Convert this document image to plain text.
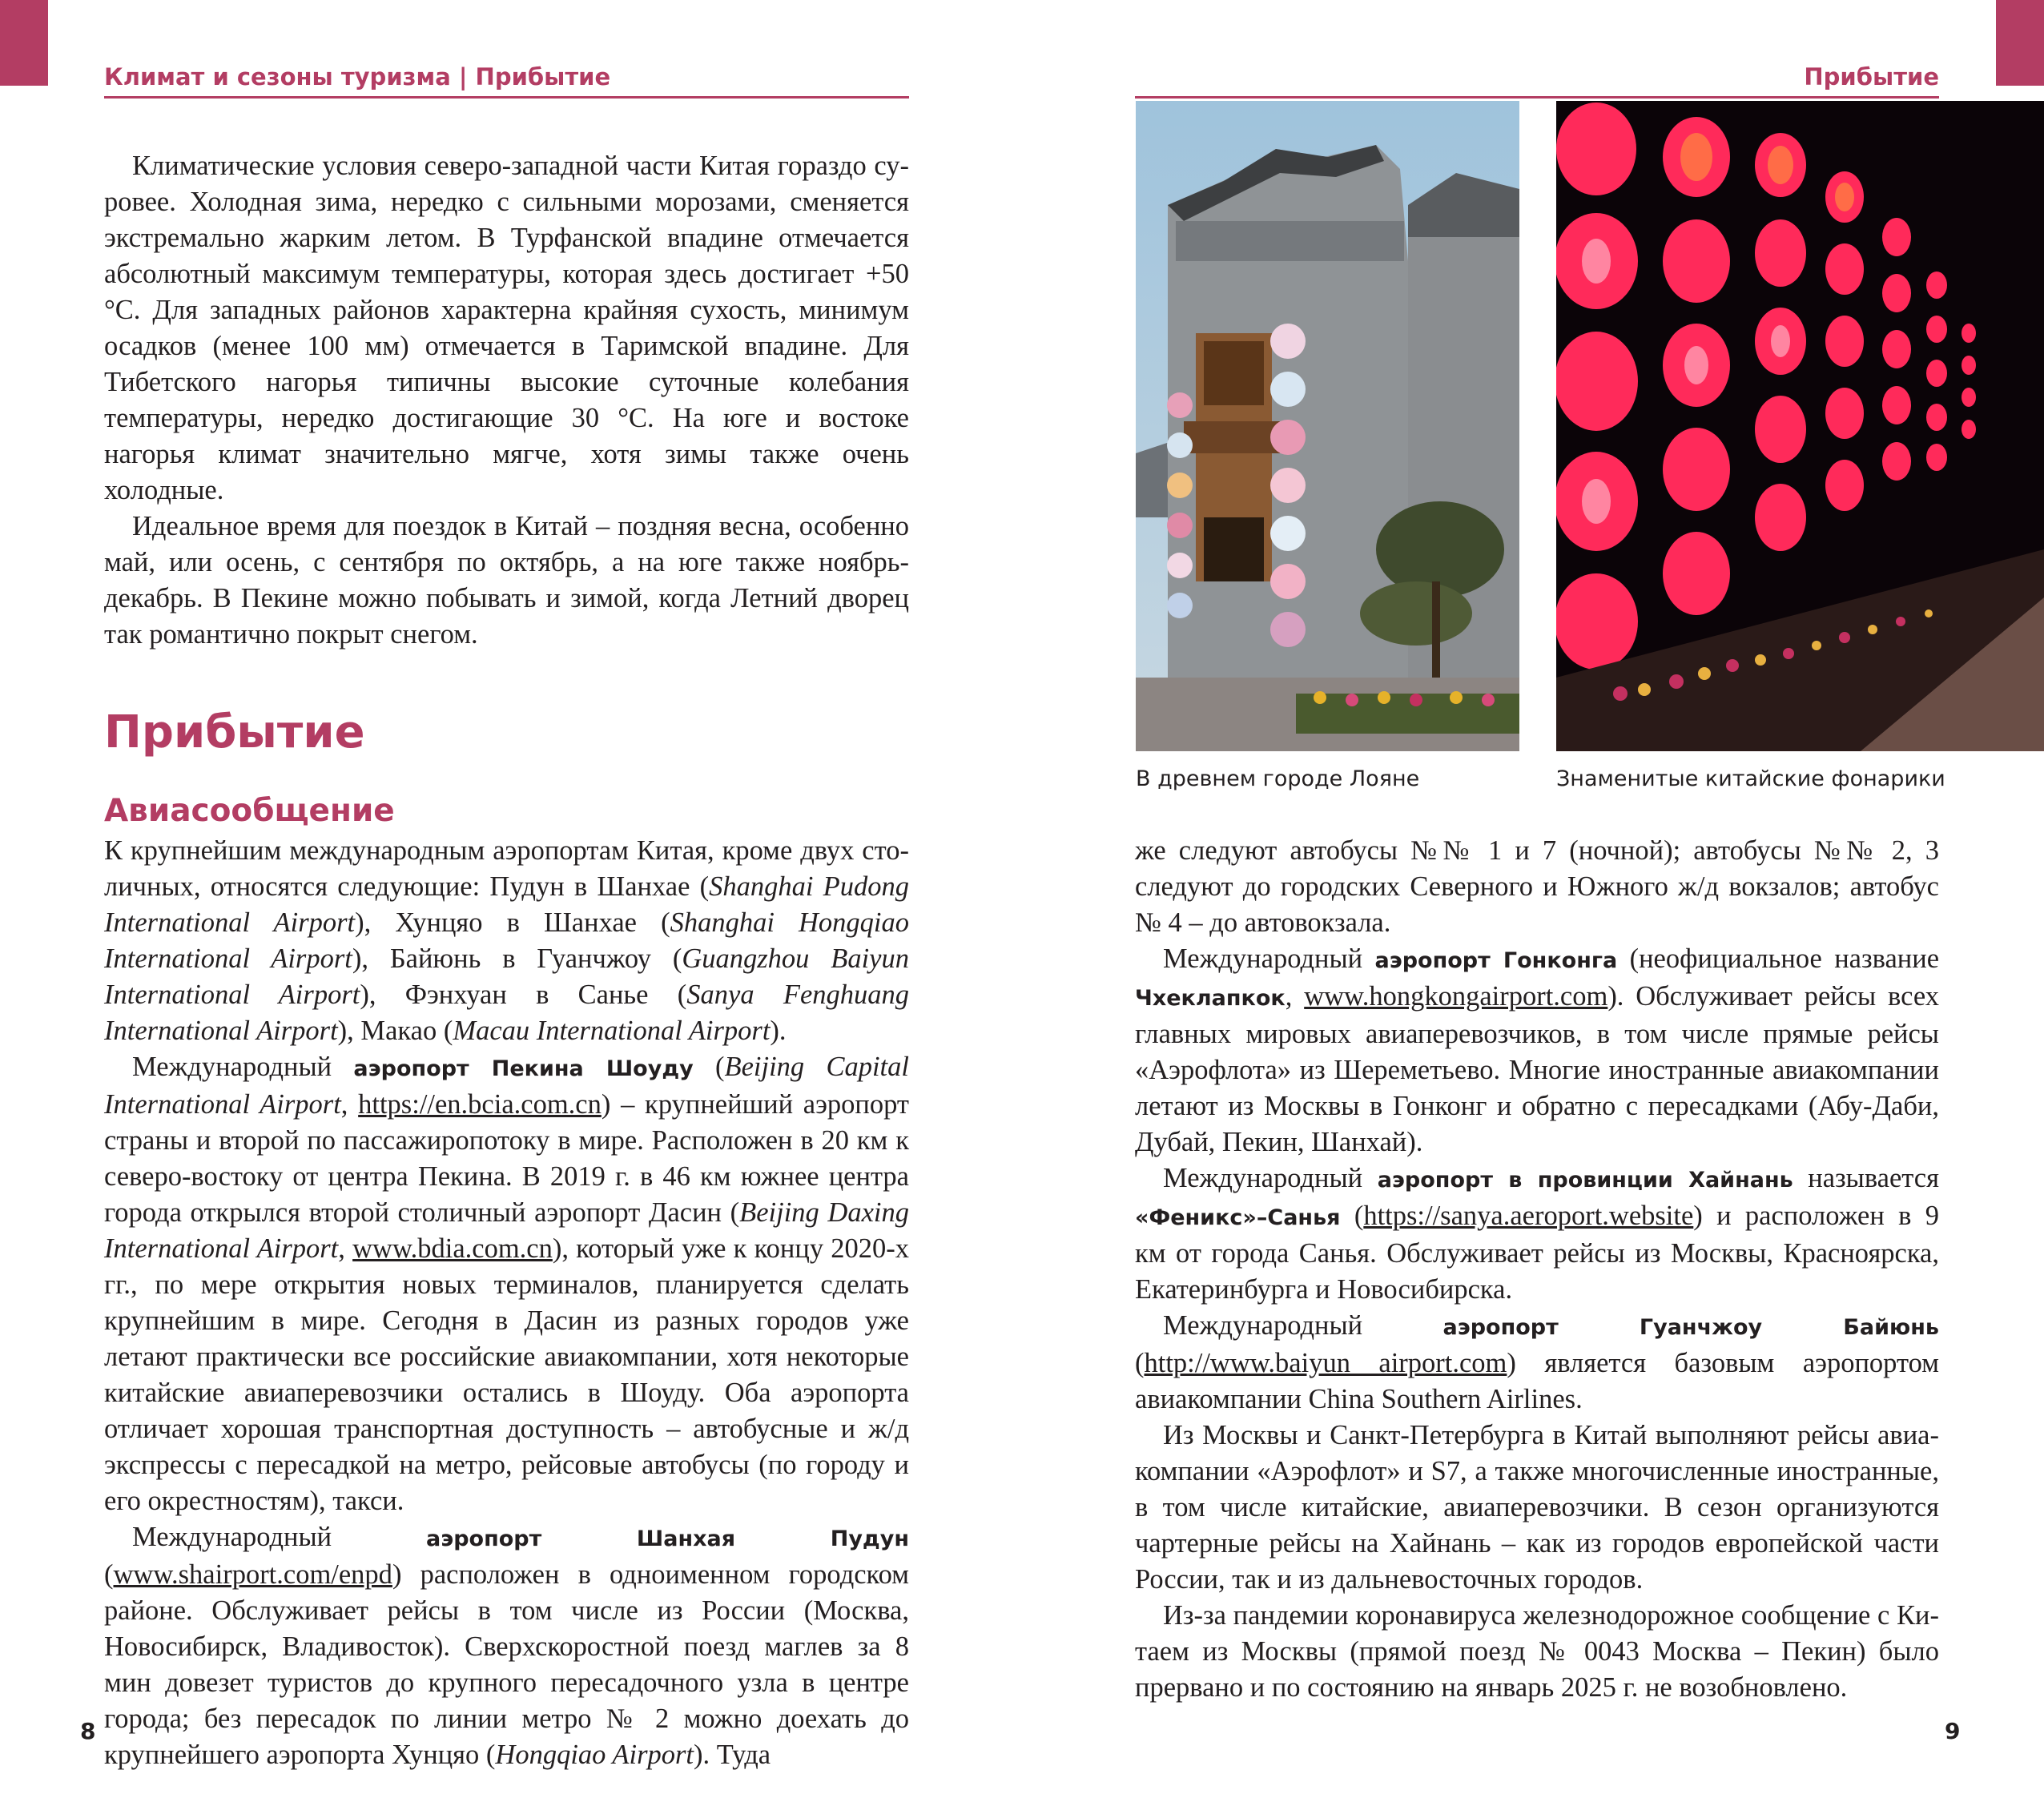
Климат и сезоны туризма | Прибытие	Прибытие

Климатические условия северо-западной части Китая гораздо суровее. Холодная зима, нередко с сильными морозами, сменяется экстремально жарким летом. В Турфанской впадине отмечается абсолютный максимум температуры, которая здесь достигает +50 °C. Для западных районов характерна крайняя сухость, минимум осадков (менее 100 мм) отмечается в Таримской впадине. Для Тибетского нагорья типичны высокие суточные колебания температуры, нередко достигающие 30 °C. На юге и востоке нагорья климат значительно мягче, хотя зимы также очень холодные.

Идеальное время для поездок в Китай – поздняя весна, особенно май, или осень, с сентября по октябрь, а на юге также ноябрь-декабрь. В Пекине можно побывать и зимой, когда Летний дворец так романтично покрыт снегом.

Прибытие
Авиасообщение

К крупнейшим международным аэропортам Китая, кроме двух столичных, относятся следующие: Пудун в Шанхае (Shanghai Pudong International Airport), Хунцяо в Шанхае (Shanghai Hongqiao International Airport), Байюнь в Гуанчжоу (Guangzhou Baiyun International Airport), Фэнхуан в Санье (Sanya Fenghuang International Airport), Макао (Macau International Airport).

Международный аэропорт Пекина Шоуду (Beijing Capital International Airport, https://en.bcia.com.cn) – крупнейший аэропорт страны и второй по пассажиропотоку в мире. Расположен в 20 км к северо-востоку от центра Пекина. В 2019 г. в 46 км южнее центра города открылся второй столичный аэропорт Дасин (Beijing Daxing International Airport, www.bdia.com.cn), который уже к концу 2020-х гг., по мере открытия новых терминалов, планируется сделать крупнейшим в мире. Сегодня в Дасин из разных городов уже летают практически все российские авиакомпании, хотя некоторые китайские авиаперевозчики остались в Шоуду. Оба аэропорта отличает хорошая транспортная доступность – автобусные и ж/д экспрессы с пересадкой на метро, рейсовые автобусы (по городу и его окрестностям), такси.

Международный аэропорт Шанхая Пудун (www.shairport.com/enpd) расположен в одноименном городском районе. Обслуживает рейсы в том числе из России (Москва, Новосибирск, Владивосток). Сверхскоростной поезд маглев за 8 мин довезет туристов до крупного пересадочного узла в центре города; без пересадок по линии метро № 2 можно доехать до крупнейшего аэропорта Хунцяо (Hongqiao Airport). Туда

В древнем городе Лояне	Знаменитые китайские фонарики

же следуют автобусы №№ 1 и 7 (ночной); автобусы №№ 2, 3 следуют до городских Северного и Южного ж/д вокзалов; автобус № 4 – до автовокзала.

Международный аэропорт Гонконга (неофициальное название Чхеклапкок, www.hongkongairport.com). Обслуживает рейсы всех главных мировых авиаперевозчиков, в том числе прямые рейсы «Аэрофлота» из Шереметьево. Многие иностранные авиакомпании летают из Москвы в Гонконг и обратно с пересадками (Абу-Даби, Дубай, Пекин, Шанхай).

Международный аэропорт в провинции Хайнань называется «Феникс»–Санья (https://sanya.aeroport.website) и расположен в 9 км от города Санья. Обслуживает рейсы из Москвы, Красноярска, Екатеринбурга и Новосибирска.

Международный аэропорт Гуанчжоу Байюнь (http://www.baiyun airport.com) является базовым аэропортом авиакомпании China Southern Airlines.

Из Москвы и Санкт-Петербурга в Китай выполняют рейсы авиакомпании «Аэрофлот» и S7, а также многочисленные иностранные, в том числе китайские, авиаперевозчики. В сезон организуются чартерные рейсы на Хайнань – как из городов европейской части России, так и из дальневосточных городов.

Из-за пандемии коронавируса железнодорожное сообщение с Китаем из Москвы (прямой поезд № 0043 Москва – Пекин) было прервано и по состоянию на январь 2025 г. не возобновлено.

8	9
